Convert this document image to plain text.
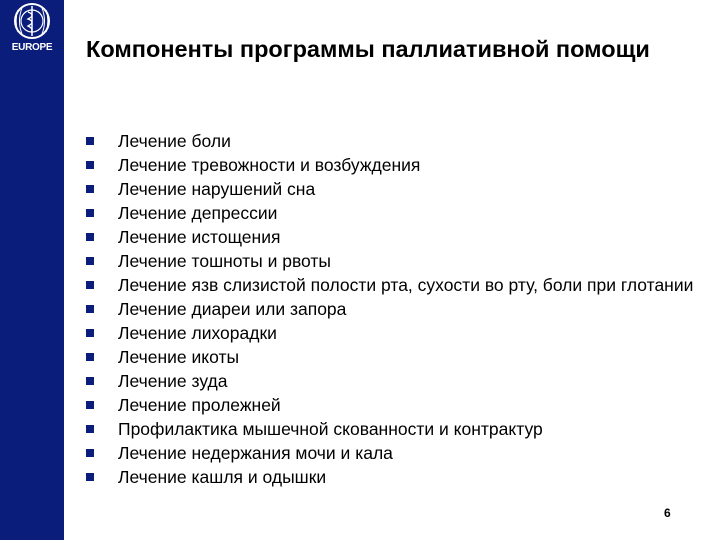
EUROPE Компоненты программы паллиативной помощи
Лечение боли
Лечение тревожности и возбуждения
Лечение нарушений сна
Лечение депрессии
Лечение истощения
Лечение тошноты и рвоты
Лечение язв слизистой полости рта, сухости во рту, боли при глотании
Лечение диареи или запора
Лечение лихорадки
Лечение икоты
Лечение зуда
Лечение пролежней
Профилактика мышечной скованности и контрактур
Лечение недержания мочи и кала
Лечение кашля и одышки
6
